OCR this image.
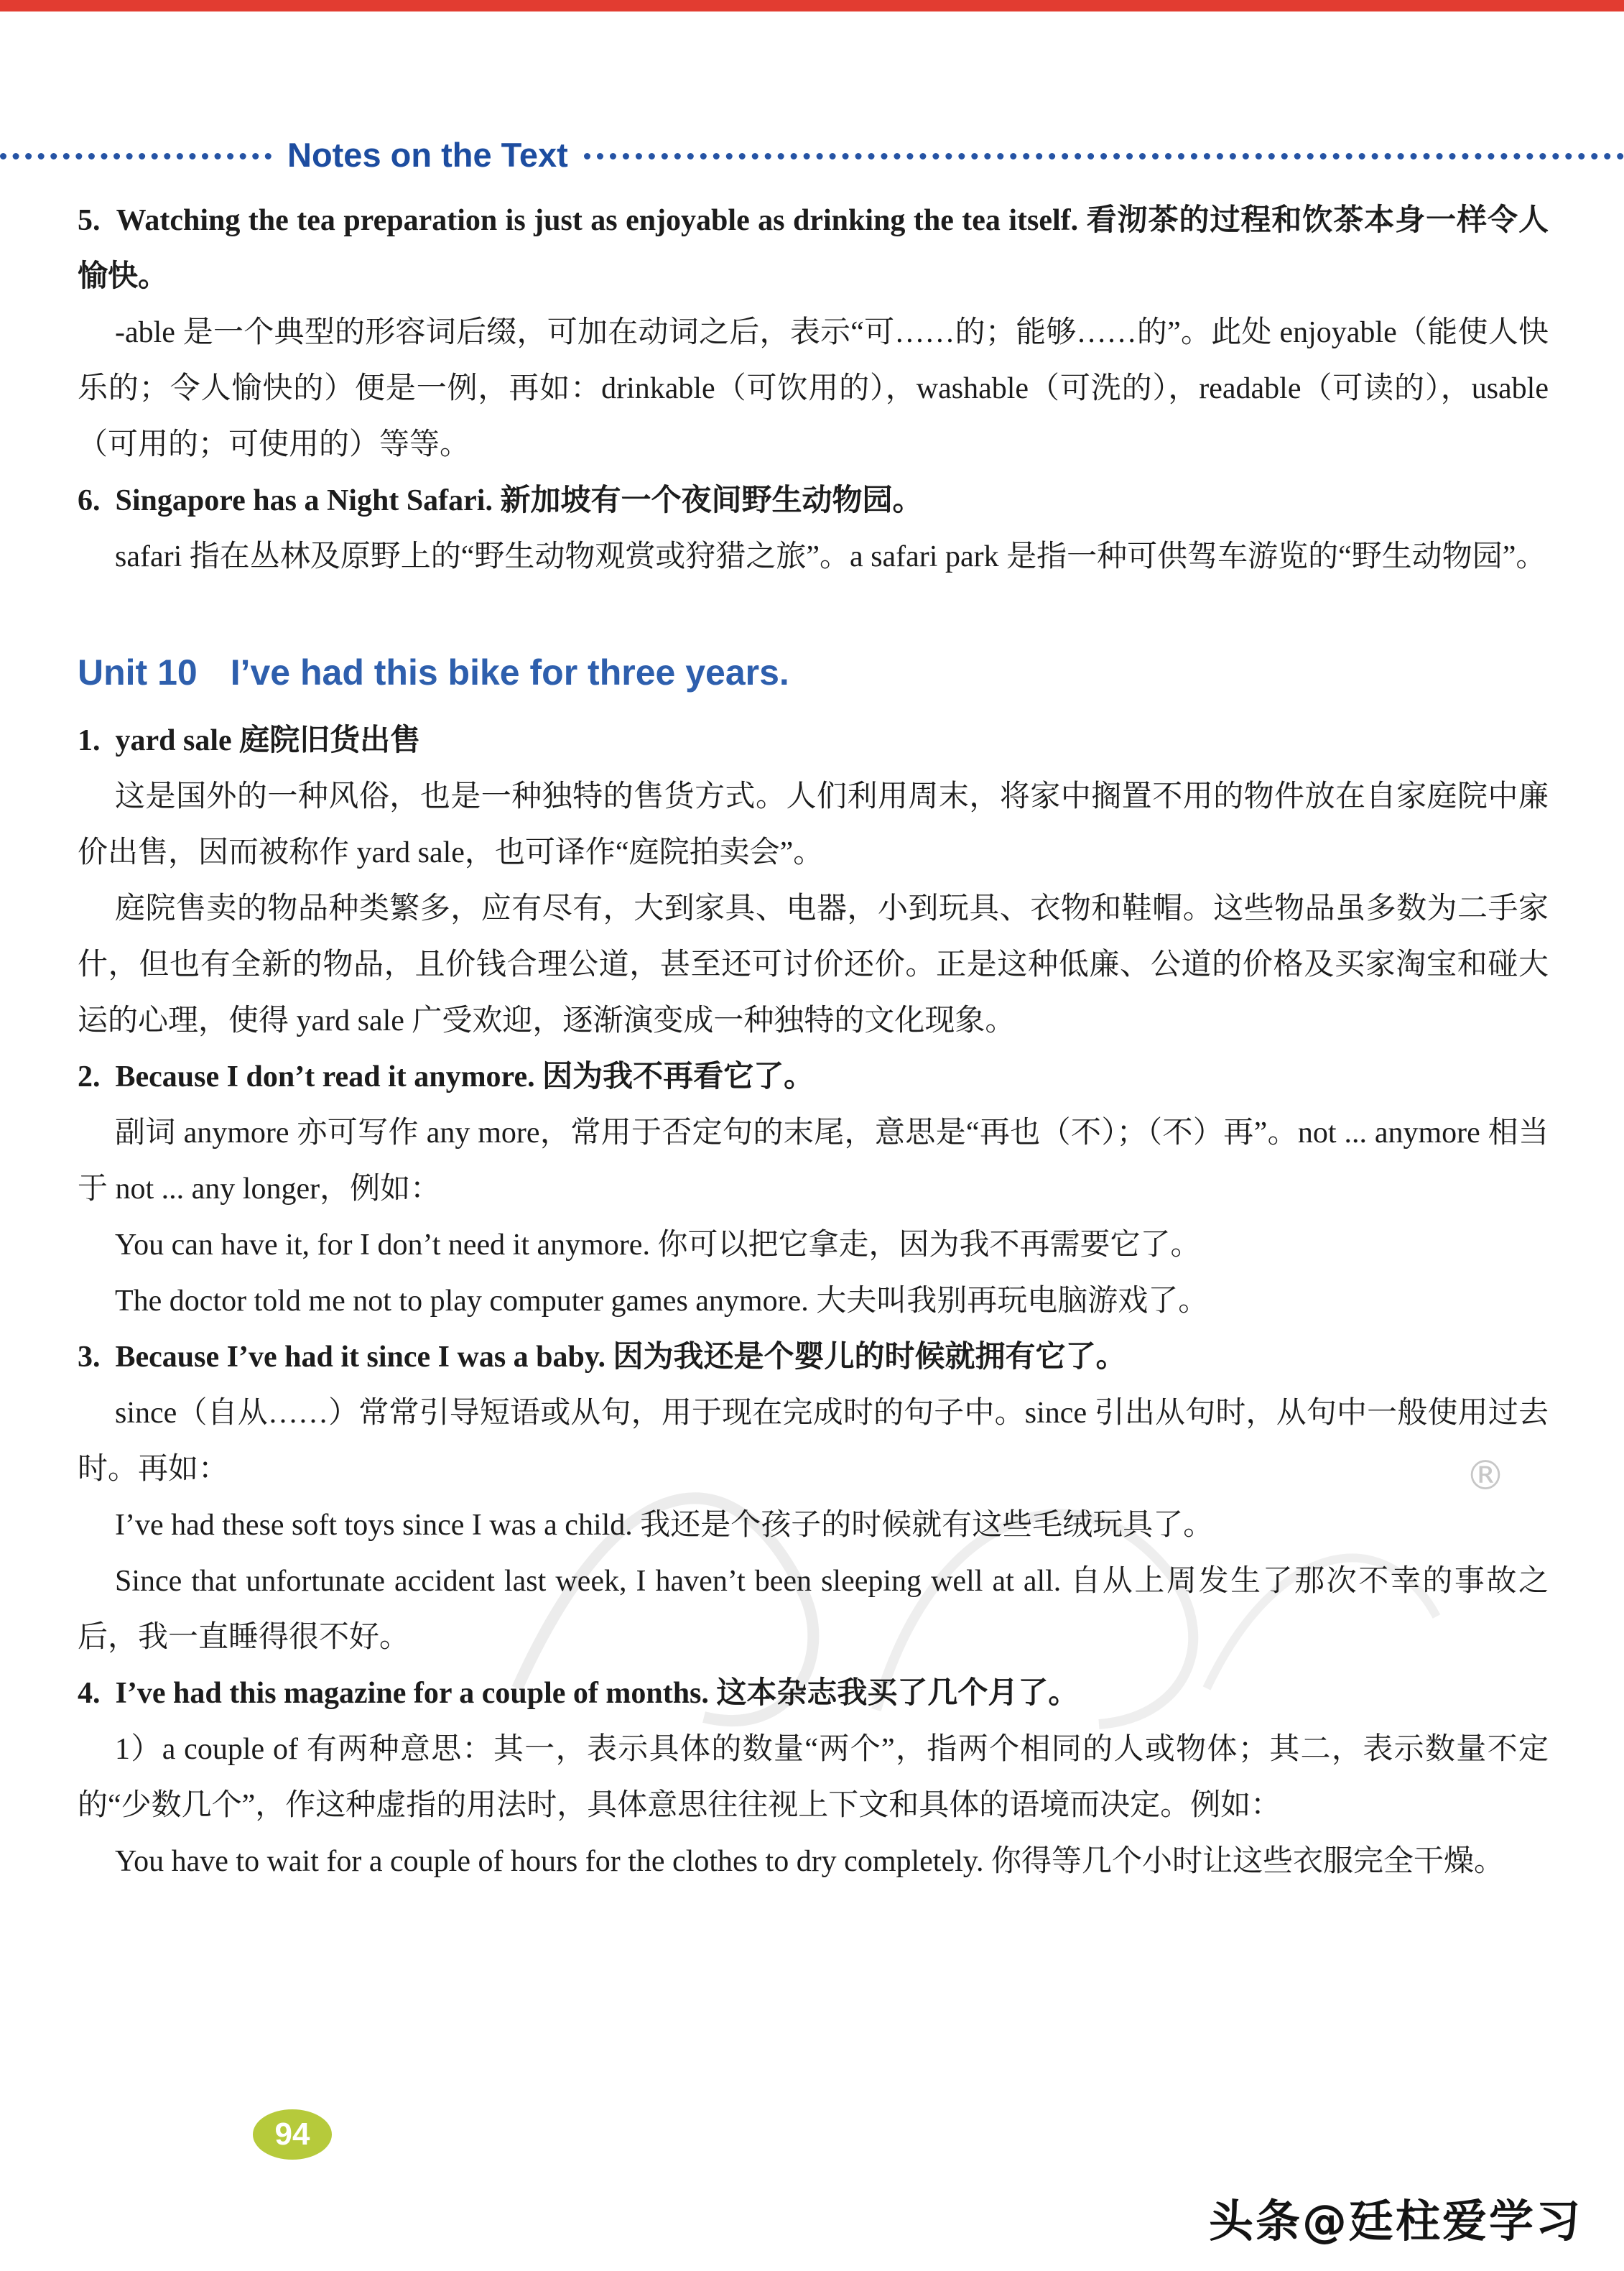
Notes on the Text
®

5.  Watching the tea preparation is just as enjoyable as drinking the tea itself. 看沏茶的过程和饮茶本身一样令人愉快。

-able 是一个典型的形容词后缀，可加在动词之后，表示“可……的；能够……的”。此处 enjoyable（能使人快乐的；令人愉快的）便是一例，再如：drinkable（可饮用的），washable（可洗的），readable（可读的），usable（可用的；可使用的）等等。

6.  Singapore has a Night Safari. 新加坡有一个夜间野生动物园。

safari 指在丛林及原野上的“野生动物观赏或狩猎之旅”。a safari park 是指一种可供驾车游览的“野生动物园”。

Unit 10 I’ve had this bike for three years.

1.  yard sale 庭院旧货出售

这是国外的一种风俗，也是一种独特的售货方式。人们利用周末，将家中搁置不用的物件放在自家庭院中廉价出售，因而被称作 yard sale，也可译作“庭院拍卖会”。

庭院售卖的物品种类繁多，应有尽有，大到家具、电器，小到玩具、衣物和鞋帽。这些物品虽多数为二手家什，但也有全新的物品，且价钱合理公道，甚至还可讨价还价。正是这种低廉、公道的价格及买家淘宝和碰大运的心理，使得 yard sale 广受欢迎，逐渐演变成一种独特的文化现象。

2.  Because I don’t read it anymore. 因为我不再看它了。

副词 anymore 亦可写作 any more，常用于否定句的末尾，意思是“再也（不）；（不）再”。not ... anymore 相当于 not ... any longer，例如：

You can have it, for I don’t need it anymore. 你可以把它拿走，因为我不再需要它了。

The doctor told me not to play computer games anymore. 大夫叫我别再玩电脑游戏了。

3.  Because I’ve had it since I was a baby. 因为我还是个婴儿的时候就拥有它了。

since（自从……）常常引导短语或从句，用于现在完成时的句子中。since 引出从句时，从句中一般使用过去时。再如：

I’ve had these soft toys since I was a child. 我还是个孩子的时候就有这些毛绒玩具了。

Since that unfortunate accident last week, I haven’t been sleeping well at all. 自从上周发生了那次不幸的事故之后，我一直睡得很不好。

4.  I’ve had this magazine for a couple of months. 这本杂志我买了几个月了。

1）a couple of 有两种意思：其一，表示具体的数量“两个”，指两个相同的人或物体；其二，表示数量不定的“少数几个”，作这种虚指的用法时，具体意思往往视上下文和具体的语境而决定。例如：

You have to wait for a couple of hours for the clothes to dry completely. 你得等几个小时让这些衣服完全干燥。

94
头条@廷柱爱学习
